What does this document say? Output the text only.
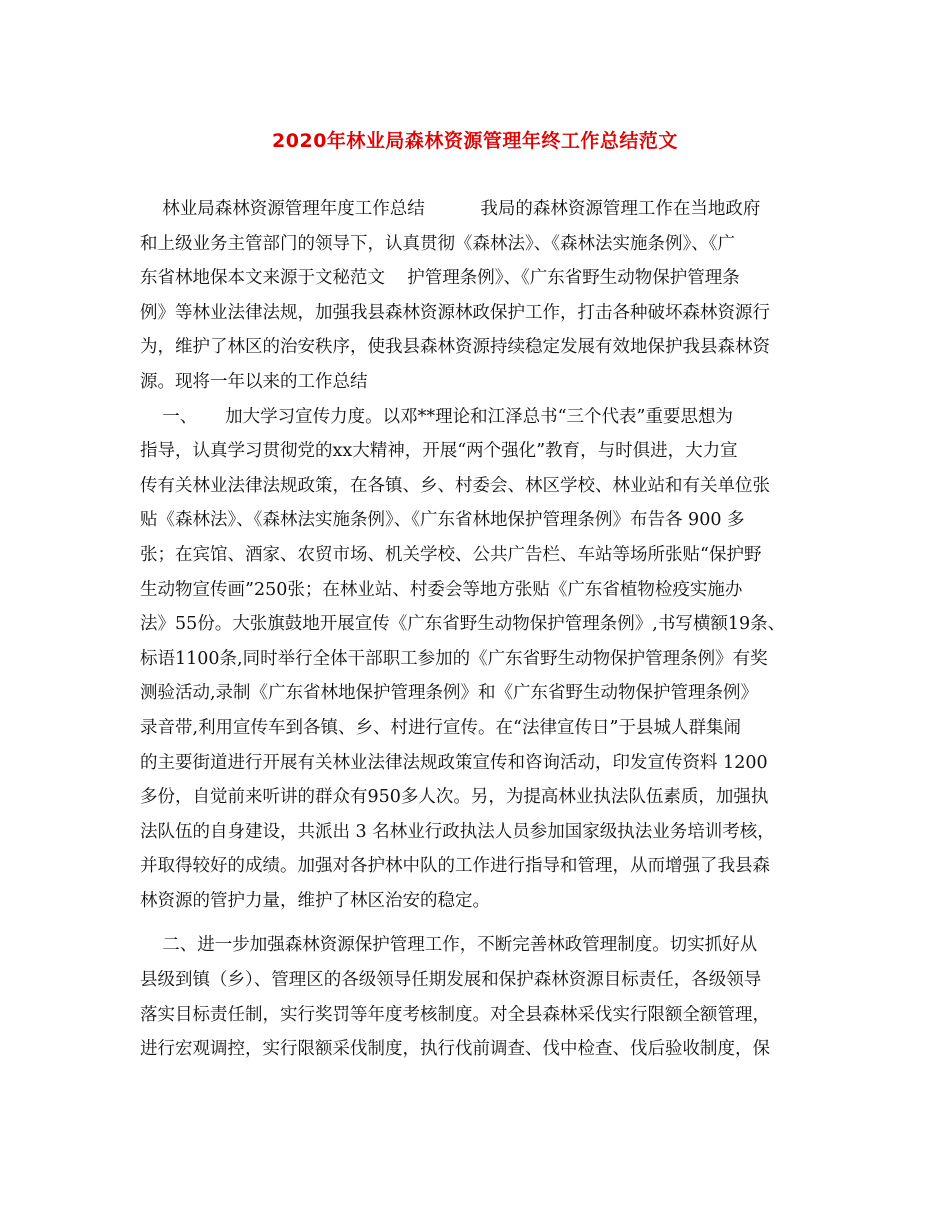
2020年林业局森林资源管理年终工作总结范文
林业局森林资源管理年度工作总结          我局的森林资源管理工作在当地政府
和上级业务主管部门的领导下，认真贯彻《森林法》、《森林法实施条例》、《广
东省林地保本文来源于文秘范文    护管理条例》、《广东省野生动物保护管理条
例》等林业法律法规，加强我县森林资源林政保护工作，打击各种破坏森林资源行
为，维护了林区的治安秩序，使我县森林资源持续稳定发展有效地保护我县森林资
源。现将一年以来的工作总结
一、     加大学习宣传力度。以邓**理论和江泽总书“三个代表”重要思想为
指导，认真学习贯彻党的xx大精神，开展“两个强化”教育，与时俱进，大力宣
传有关林业法律法规政策，在各镇、乡、村委会、林区学校、林业站和有关单位张
贴《森林法》、《森林法实施条例》、《广东省林地保护管理条例》布告各 900 多
张；在宾馆、酒家、农贸市场、机关学校、公共广告栏、车站等场所张贴“保护野
生动物宣传画”250张；在林业站、村委会等地方张贴《广东省植物检疫实施办
法》55份。大张旗鼓地开展宣传《广东省野生动物保护管理条例》,书写横额19条、
标语1100条,同时举行全体干部职工参加的《广东省野生动物保护管理条例》有奖
测验活动,录制《广东省林地保护管理条例》和《广东省野生动物保护管理条例》
录音带,利用宣传车到各镇、乡、村进行宣传。在“法律宣传日”于县城人群集闹
的主要街道进行开展有关林业法律法规政策宣传和咨询活动，印发宣传资料 1200
多份，自觉前来听讲的群众有950多人次。另，为提高林业执法队伍素质，加强执
法队伍的自身建设，共派出 3 名林业行政执法人员参加国家级执法业务培训考核，
并取得较好的成绩。加强对各护林中队的工作进行指导和管理，从而增强了我县森
林资源的管护力量，维护了林区治安的稳定。
二、进一步加强森林资源保护管理工作，不断完善林政管理制度。切实抓好从
县级到镇（乡）、管理区的各级领导任期发展和保护森林资源目标责任，各级领导
落实目标责任制，实行奖罚等年度考核制度。对全县森林采伐实行限额全额管理，
进行宏观调控，实行限额采伐制度，执行伐前调查、伐中检查、伐后验收制度，保
